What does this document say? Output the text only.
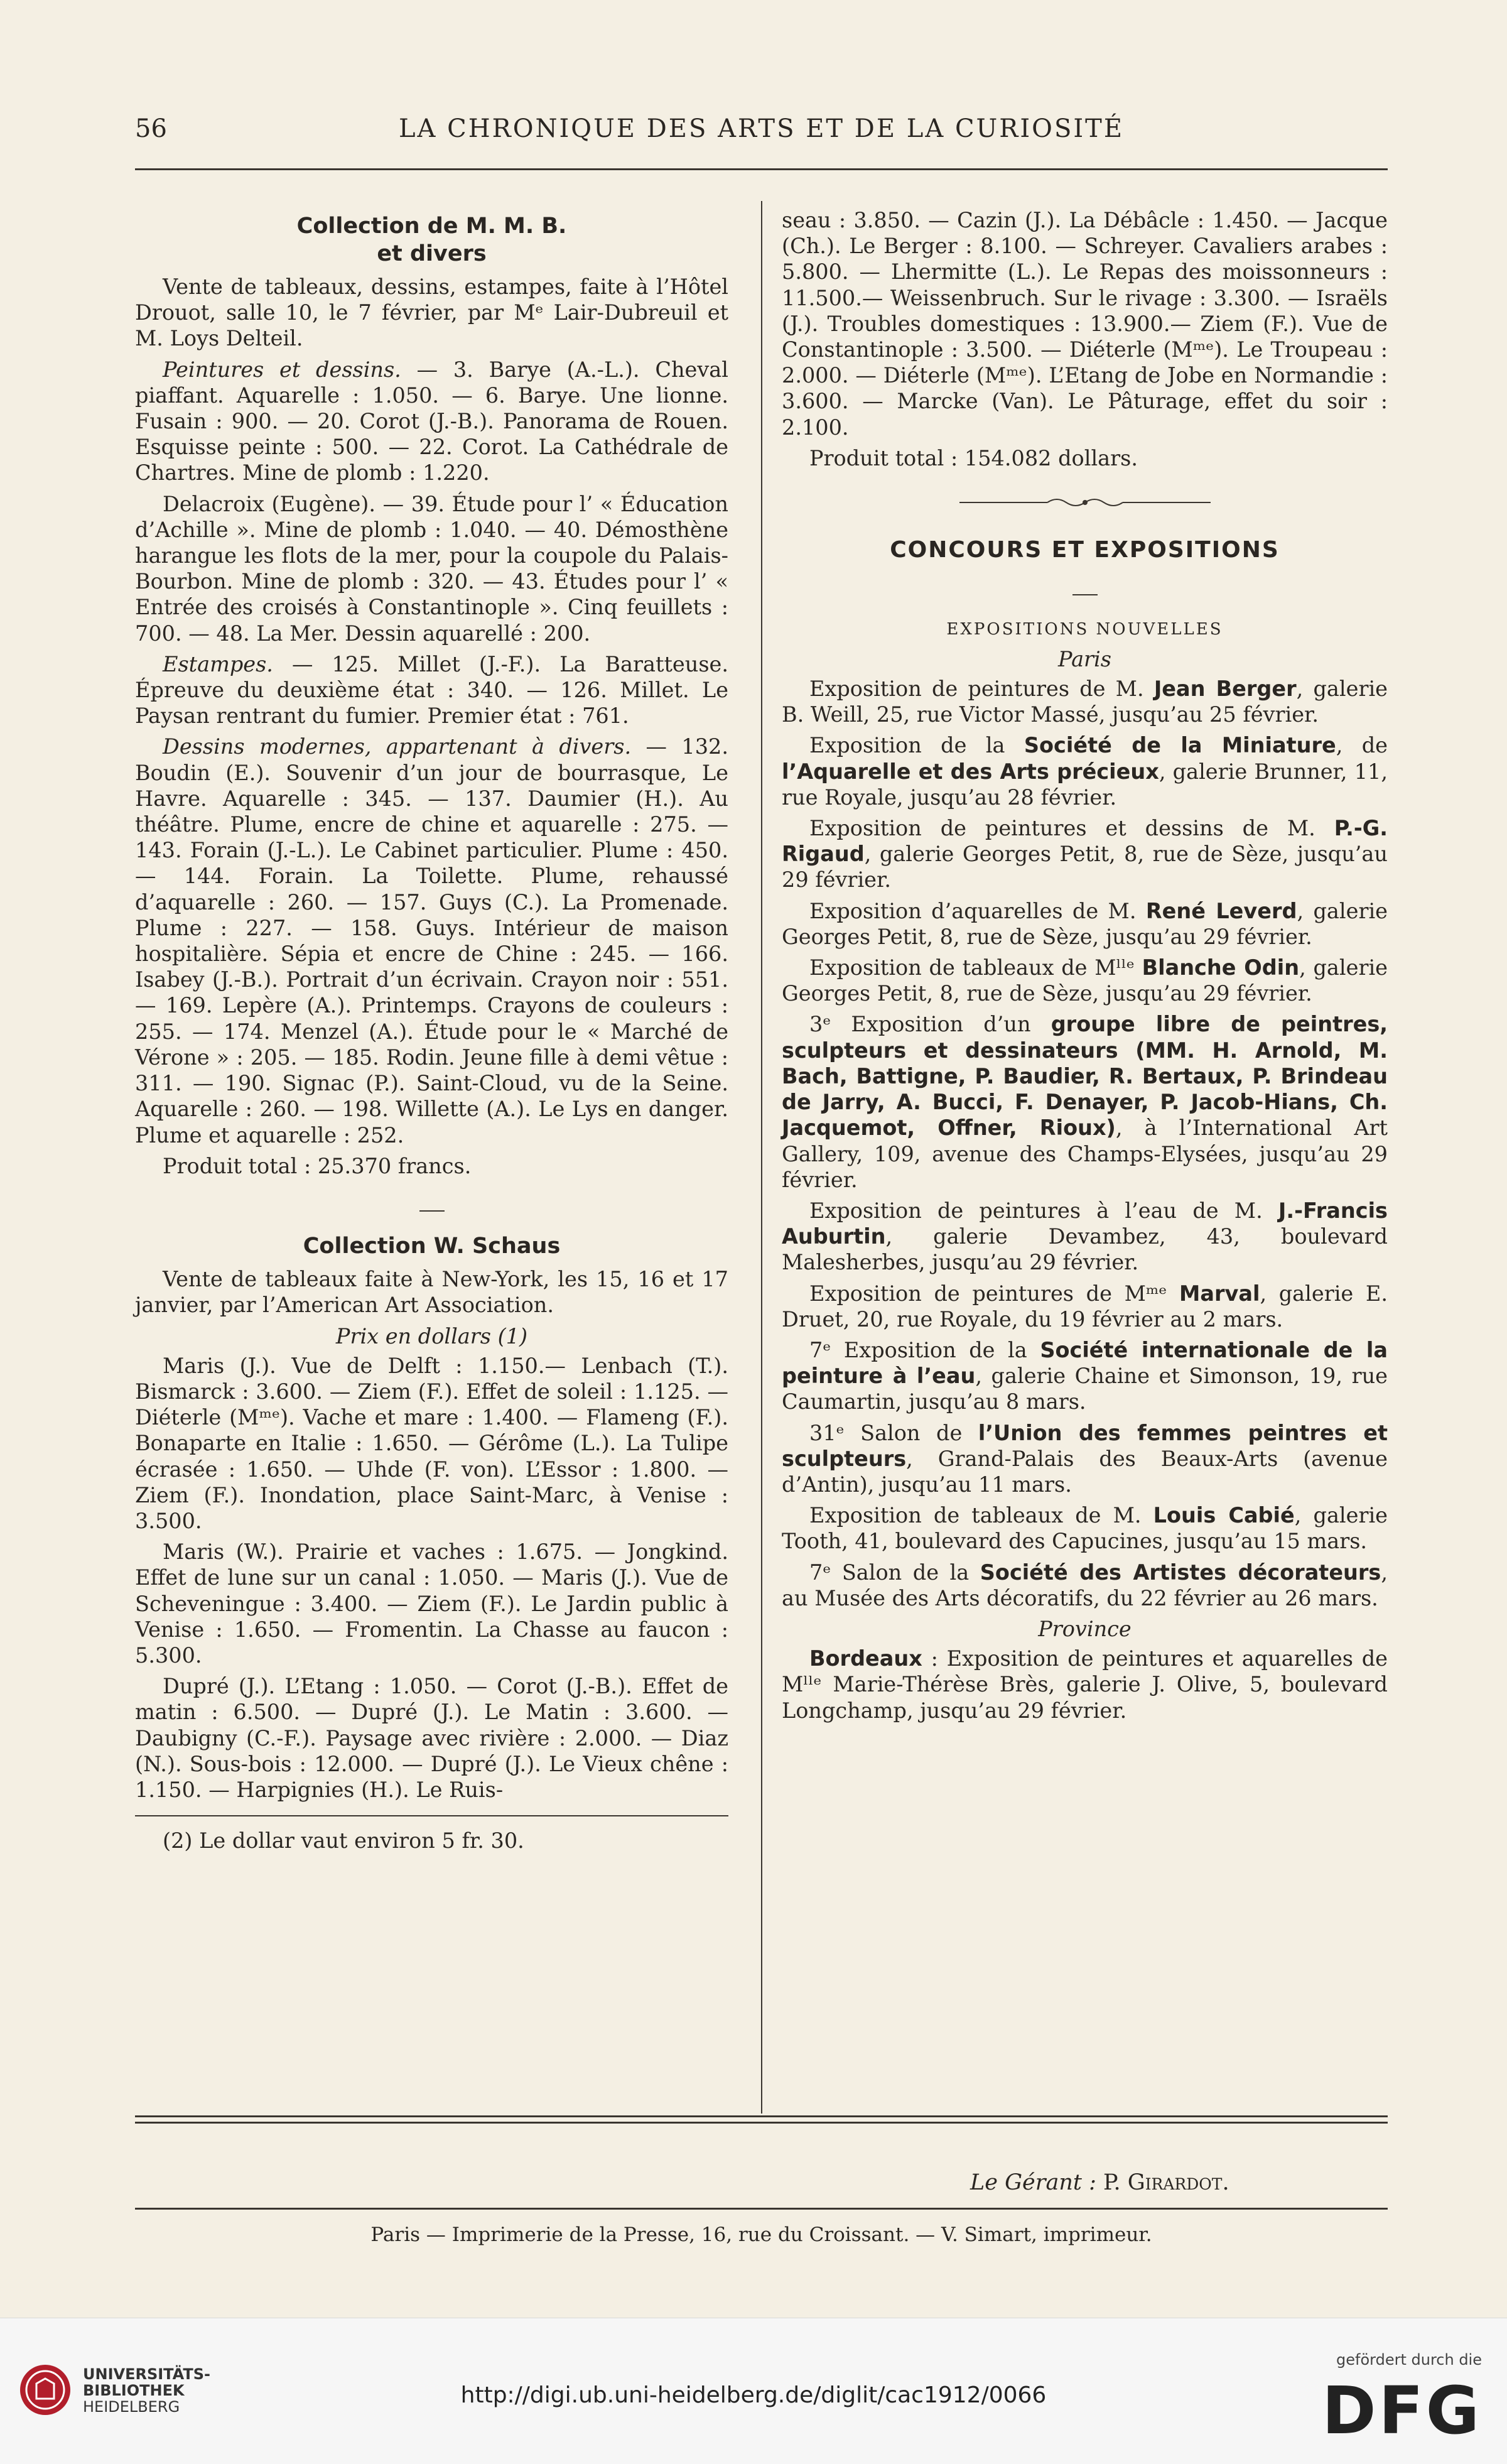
56	LA CHRONIQUE DES ARTS ET DE LA CURIOSITÉ
Collection de M. M. B.
et divers

Vente de tableaux, dessins, estampes, faite à l’Hôtel Drouot, salle 10, le 7 février, par Mᵉ Lair-Dubreuil et M. Loys Delteil.

Peintures et dessins. — 3. Barye (A.-L.). Cheval piaffant. Aquarelle : 1.050. — 6. Barye. Une lionne. Fusain : 900. — 20. Corot (J.-B.). Panorama de Rouen. Esquisse peinte : 500. — 22. Corot. La Cathédrale de Chartres. Mine de plomb : 1.220.

Delacroix (Eugène). — 39. Étude pour l’ « Éducation d’Achille ». Mine de plomb : 1.040. — 40. Démosthène harangue les flots de la mer, pour la coupole du Palais-Bourbon. Mine de plomb : 320. — 43. Études pour l’ « Entrée des croisés à Constantinople ». Cinq feuillets : 700. — 48. La Mer. Dessin aquarellé : 200.

Estampes. — 125. Millet (J.-F.). La Baratteuse. Épreuve du deuxième état : 340. — 126. Millet. Le Paysan rentrant du fumier. Premier état : 761.

Dessins modernes, appartenant à divers. — 132. Boudin (E.). Souvenir d’un jour de bourrasque, Le Havre. Aquarelle : 345. — 137. Daumier (H.). Au théâtre. Plume, encre de chine et aquarelle : 275. — 143. Forain (J.-L.). Le Cabinet particulier. Plume : 450. — 144. Forain. La Toilette. Plume, rehaussé d’aquarelle : 260. — 157. Guys (C.). La Promenade. Plume : 227. — 158. Guys. Intérieur de maison hospitalière. Sépia et encre de Chine : 245. — 166. Isabey (J.-B.). Portrait d’un écrivain. Crayon noir : 551. — 169. Lepère (A.). Printemps. Crayons de couleurs : 255. — 174. Menzel (A.). Étude pour le « Marché de Vérone » : 205. — 185. Rodin. Jeune fille à demi vêtue : 311. — 190. Signac (P.). Saint-Cloud, vu de la Seine. Aquarelle : 260. — 198. Willette (A.). Le Lys en danger. Plume et aquarelle : 252.

Produit total : 25.370 francs.

Collection W. Schaus

Vente de tableaux faite à New-York, les 15, 16 et 17 janvier, par l’American Art Association.

Prix en dollars (1)

Maris (J.). Vue de Delft : 1.150.— Lenbach (T.). Bismarck : 3.600. — Ziem (F.). Effet de soleil : 1.125. — Diéterle (Mᵐᵉ). Vache et mare : 1.400. — Flameng (F.). Bonaparte en Italie : 1.650. — Gérôme (L.). La Tulipe écrasée : 1.650. — Uhde (F. von). L’Essor : 1.800. — Ziem (F.). Inondation, place Saint-Marc, à Venise : 3.500.

Maris (W.). Prairie et vaches : 1.675. — Jongkind. Effet de lune sur un canal : 1.050. — Maris (J.). Vue de Scheveningue : 3.400. — Ziem (F.). Le Jardin public à Venise : 1.650. — Fromentin. La Chasse au faucon : 5.300.

Dupré (J.). L’Etang : 1.050. — Corot (J.-B.). Effet de matin : 6.500. — Dupré (J.). Le Matin : 3.600. — Daubigny (C.-F.). Paysage avec rivière : 2.000. — Diaz (N.). Sous-bois : 12.000. — Dupré (J.). Le Vieux chêne : 1.150. — Harpignies (H.). Le Ruis-

(2) Le dollar vaut environ 5 fr. 30.

seau : 3.850. — Cazin (J.). La Débâcle : 1.450. — Jacque (Ch.). Le Berger : 8.100. — Schreyer. Cavaliers arabes : 5.800. — Lhermitte (L.). Le Repas des moissonneurs : 11.500.— Weissenbruch. Sur le rivage : 3.300. — Israëls (J.). Troubles domestiques : 13.900.— Ziem (F.). Vue de Constantinople : 3.500. — Diéterle (Mᵐᵉ). Le Troupeau : 2.000. — Diéterle (Mᵐᵉ). L’Etang de Jobe en Normandie : 3.600. — Marcke (Van). Le Pâturage, effet du soir : 2.100.

Produit total : 154.082 dollars.

CONCOURS ET EXPOSITIONS
EXPOSITIONS NOUVELLES
Paris

Exposition de peintures de M. Jean Berger, galerie B. Weill, 25, rue Victor Massé, jusqu’au 25 février.

Exposition de la Société de la Miniature, de l’Aquarelle et des Arts précieux, galerie Brunner, 11, rue Royale, jusqu’au 28 février.

Exposition de peintures et dessins de M. P.-G. Rigaud, galerie Georges Petit, 8, rue de Sèze, jusqu’au 29 février.

Exposition d’aquarelles de M. René Leverd, galerie Georges Petit, 8, rue de Sèze, jusqu’au 29 février.

Exposition de tableaux de Mˡˡᵉ Blanche Odin, galerie Georges Petit, 8, rue de Sèze, jusqu’au 29 février.

3ᵉ Exposition d’un groupe libre de peintres, sculpteurs et dessinateurs (MM. H. Arnold, M. Bach, Battigne, P. Baudier, R. Bertaux, P. Brindeau de Jarry, A. Bucci, F. Denayer, P. Jacob-Hians, Ch. Jacquemot, Offner, Rioux), à l’International Art Gallery, 109, avenue des Champs-Elysées, jusqu’au 29 février.

Exposition de peintures à l’eau de M. J.-Francis Auburtin, galerie Devambez, 43, boulevard Malesherbes, jusqu’au 29 février.

Exposition de peintures de Mᵐᵉ Marval, galerie E. Druet, 20, rue Royale, du 19 février au 2 mars.

7ᵉ Exposition de la Société internationale de la peinture à l’eau, galerie Chaine et Simonson, 19, rue Caumartin, jusqu’au 8 mars.

31ᵉ Salon de l’Union des femmes peintres et sculpteurs, Grand-Palais des Beaux-Arts (avenue d’Antin), jusqu’au 11 mars.

Exposition de tableaux de M. Louis Cabié, galerie Tooth, 41, boulevard des Capucines, jusqu’au 15 mars.

7ᵉ Salon de la Société des Artistes décorateurs, au Musée des Arts décoratifs, du 22 février au 26 mars.

Province

Bordeaux : Exposition de peintures et aquarelles de Mˡˡᵉ Marie-Thérèse Brès, galerie J. Olive, 5, boulevard Longchamp, jusqu’au 29 février.

Le Gérant : P. Girardot.
Paris — Imprimerie de la Presse, 16, rue du Croissant. — V. Simart, imprimeur.
UNIVERSITÄTS-
BIBLIOTHEK
HEIDELBERG	http://digi.ub.uni-heidelberg.de/diglit/cac1912/0066
gefördert durch die
DFG
